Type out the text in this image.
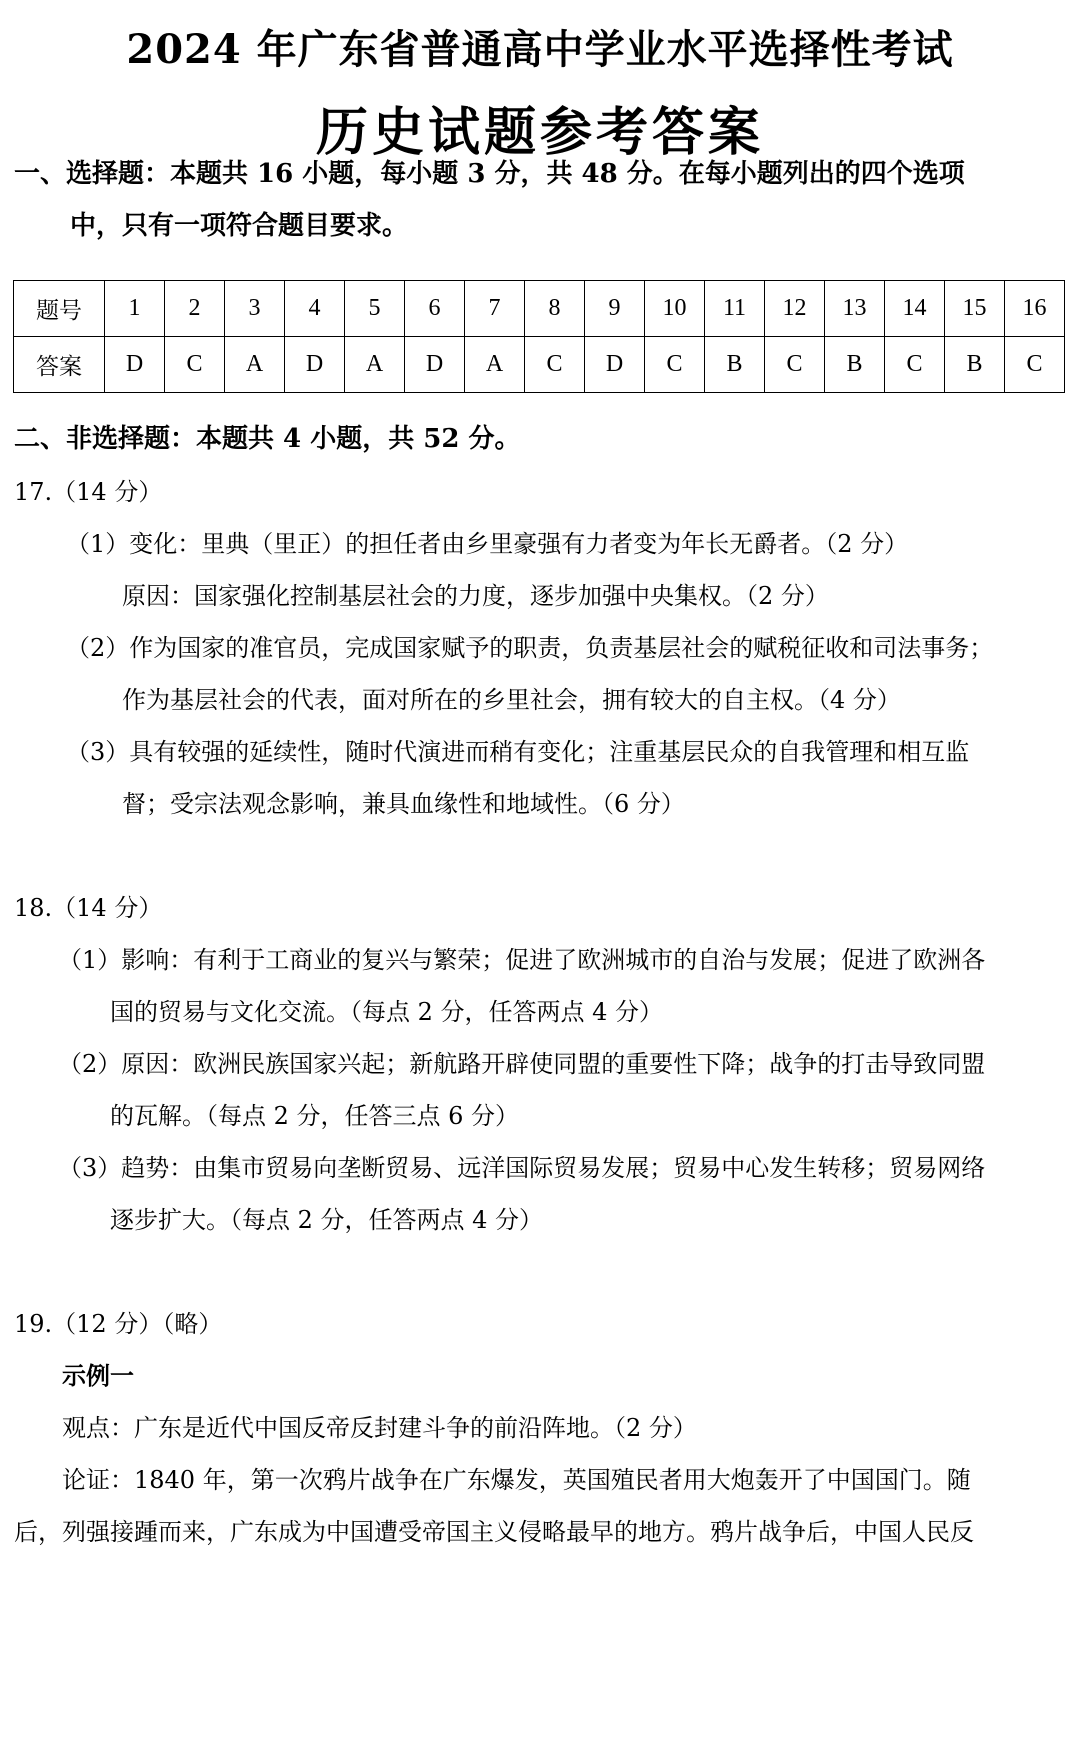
2024 年广东省普通高中学业水平选择性考试
历史试题参考答案
一、选择题：本题共 16 小题，每小题 3 分，共 48 分。在每小题列出的四个选项
中，只有一项符合题目要求。
题号	1	2	3	4	5	6	7	8	9	10	11	12	13	14	15	16
答案	D	C	A	D	A	D	A	C	D	C	B	C	B	C	B	C
二、非选择题：本题共 4 小题，共 52 分。
17.（14 分）
（1）变化：里典（里正）的担任者由乡里豪强有力者变为年长无爵者。（2 分）
原因：国家强化控制基层社会的力度，逐步加强中央集权。（2 分）
（2）作为国家的准官员，完成国家赋予的职责，负责基层社会的赋税征收和司法事务；
作为基层社会的代表，面对所在的乡里社会，拥有较大的自主权。（4 分）
（3）具有较强的延续性，随时代演进而稍有变化；注重基层民众的自我管理和相互监
督；受宗法观念影响，兼具血缘性和地域性。（6 分）
18.（14 分）
（1）影响：有利于工商业的复兴与繁荣；促进了欧洲城市的自治与发展；促进了欧洲各
国的贸易与文化交流。（每点 2 分，任答两点 4 分）
（2）原因：欧洲民族国家兴起；新航路开辟使同盟的重要性下降；战争的打击导致同盟
的瓦解。（每点 2 分，任答三点 6 分）
（3）趋势：由集市贸易向垄断贸易、远洋国际贸易发展；贸易中心发生转移；贸易网络
逐步扩大。（每点 2 分，任答两点 4 分）
19.（12 分）（略）
示例一
观点：广东是近代中国反帝反封建斗争的前沿阵地。（2 分）
论证：1840 年，第一次鸦片战争在广东爆发，英国殖民者用大炮轰开了中国国门。随
后，列强接踵而来，广东成为中国遭受帝国主义侵略最早的地方。鸦片战争后，中国人民反
